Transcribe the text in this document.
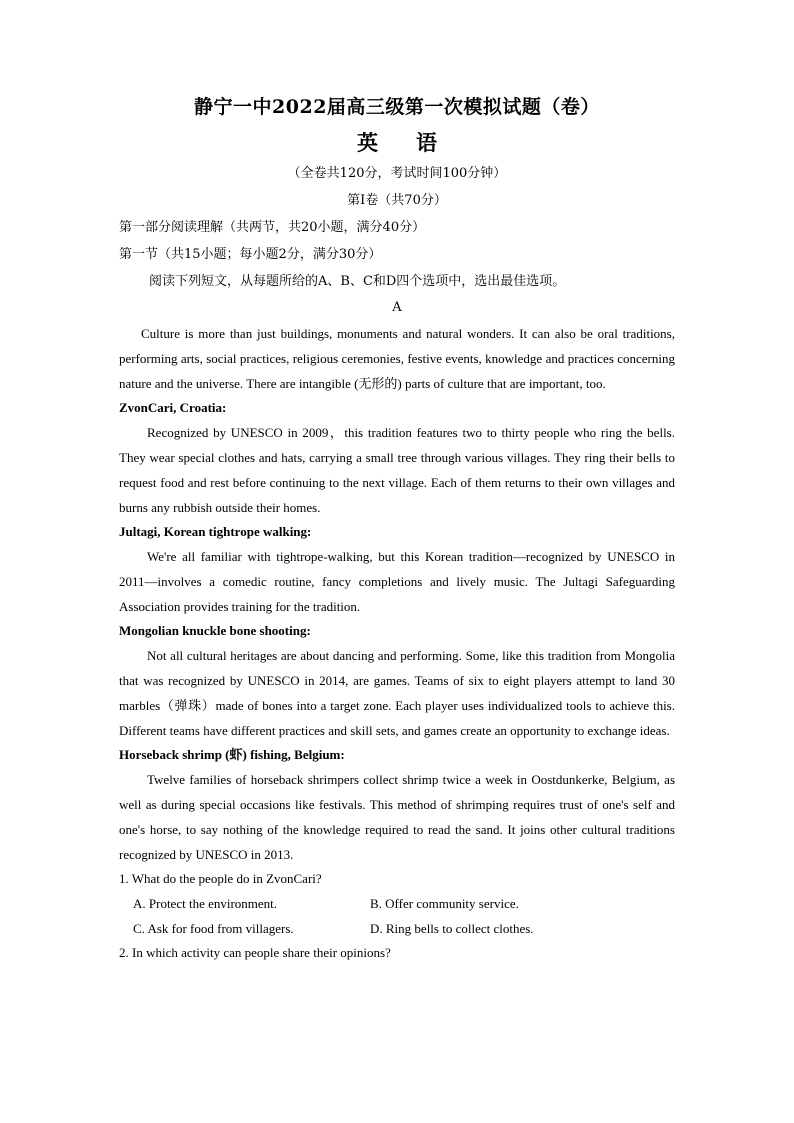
静宁一中2022届高三级第一次模拟试题（卷）

英 语

（全卷共120分，考试时间100分钟）

第Ⅰ卷（共70分）

第一部分阅读理解（共两节，共20小题，满分40分）

第一节（共15小题；每小题2分，满分30分）

阅读下列短文，从每题所给的A、B、C和D四个选项中，选出最佳选项。

A

Culture is more than just buildings, monuments and natural wonders. It can also be oral traditions, performing arts, social practices, religious ceremonies, festive events, knowledge and practices concerning nature and the universe. There are intangible (无形的) parts of culture that are important, too.

ZvonCari, Croatia:

Recognized by UNESCO in 2009，this tradition features two to thirty people who ring the bells. They wear special clothes and hats, carrying a small tree through various villages. They ring their bells to request food and rest before continuing to the next village. Each of them returns to their own villages and burns any rubbish outside their homes.

Jultagi, Korean tightrope walking:

We're all familiar with tightrope-walking, but this Korean tradition—recognized by UNESCO in 2011—involves a comedic routine, fancy completions and lively music. The Jultagi Safeguarding Association provides training for the tradition.

Mongolian knuckle bone shooting:

Not all cultural heritages are about dancing and performing. Some, like this tradition from Mongolia that was recognized by UNESCO in 2014, are games. Teams of six to eight players attempt to land 30 marbles（弹珠）made of bones into a target zone. Each player uses individualized tools to achieve this. Different teams have different practices and skill sets, and games create an opportunity to exchange ideas.

Horseback shrimp (虾) fishing, Belgium:

Twelve families of horseback shrimpers collect shrimp twice a week in Oostdunkerke, Belgium, as well as during special occasions like festivals. This method of shrimping requires trust of one's self and one's horse, to say nothing of the knowledge required to read the sand. It joins other cultural traditions recognized by UNESCO in 2013.

1. What do the people do in ZvonCari?

A. Protect the environment.	B. Offer community service.
C. Ask for food from villagers.	D. Ring bells to collect clothes.

2. In which activity can people share their opinions?
